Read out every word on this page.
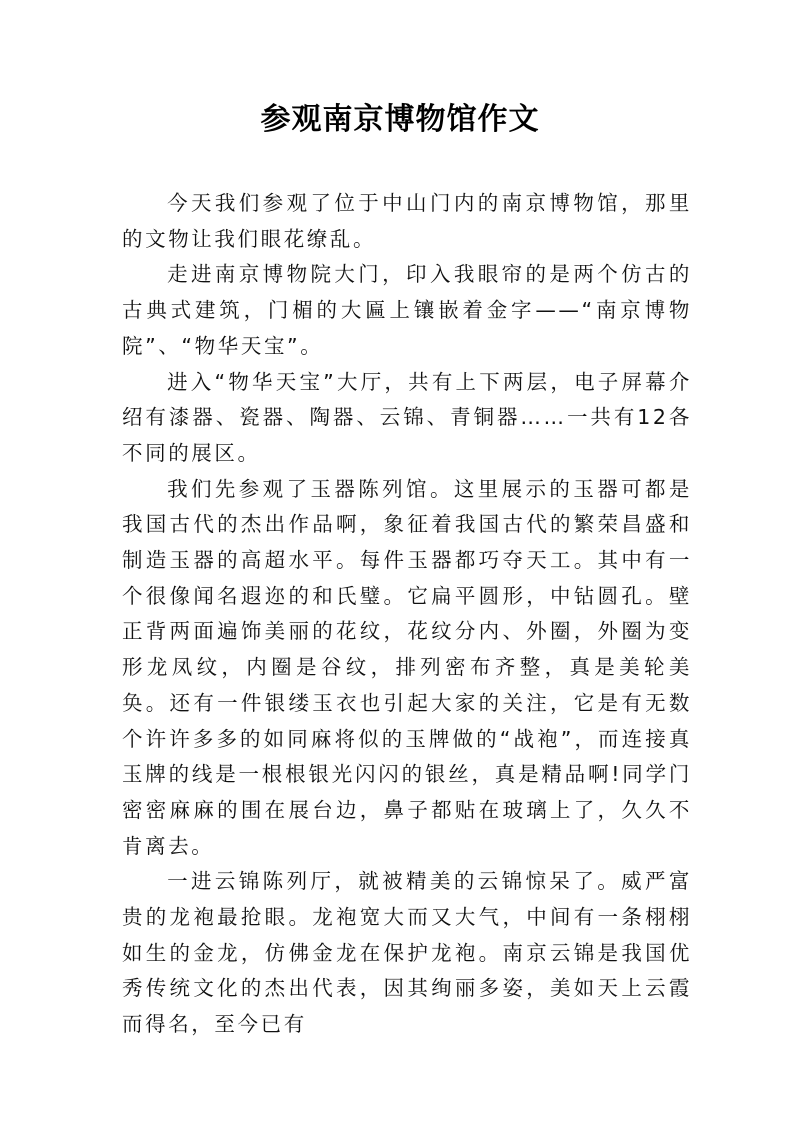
参观南京博物馆作文

今天我们参观了位于中山门内的南京博物馆，那里的文物让我们眼花缭乱。

走进南京博物院大门，印入我眼帘的是两个仿古的古典式建筑，门楣的大匾上镶嵌着金字——“南京博物院”、“物华天宝”。

进入“物华天宝”大厅，共有上下两层，电子屏幕介绍有漆器、瓷器、陶器、云锦、青铜器……一共有12各不同的展区。

我们先参观了玉器陈列馆。这里展示的玉器可都是我国古代的杰出作品啊，象征着我国古代的繁荣昌盛和制造玉器的高超水平。每件玉器都巧夺天工。其中有一个很像闻名遐迩的和氏璧。它扁平圆形，中钻圆孔。壁正背两面遍饰美丽的花纹，花纹分内、外圈，外圈为变形龙凤纹，内圈是谷纹，排列密布齐整，真是美轮美奂。还有一件银缕玉衣也引起大家的关注，它是有无数个许许多多的如同麻将似的玉牌做的“战袍”，而连接真玉牌的线是一根根银光闪闪的银丝，真是精品啊!同学门密密麻麻的围在展台边，鼻子都贴在玻璃上了，久久不肯离去。

一进云锦陈列厅，就被精美的云锦惊呆了。威严富贵的龙袍最抢眼。龙袍宽大而又大气，中间有一条栩栩如生的金龙，仿佛金龙在保护龙袍。南京云锦是我国优秀传统文化的杰出代表，因其绚丽多姿，美如天上云霞而得名，至今已有
